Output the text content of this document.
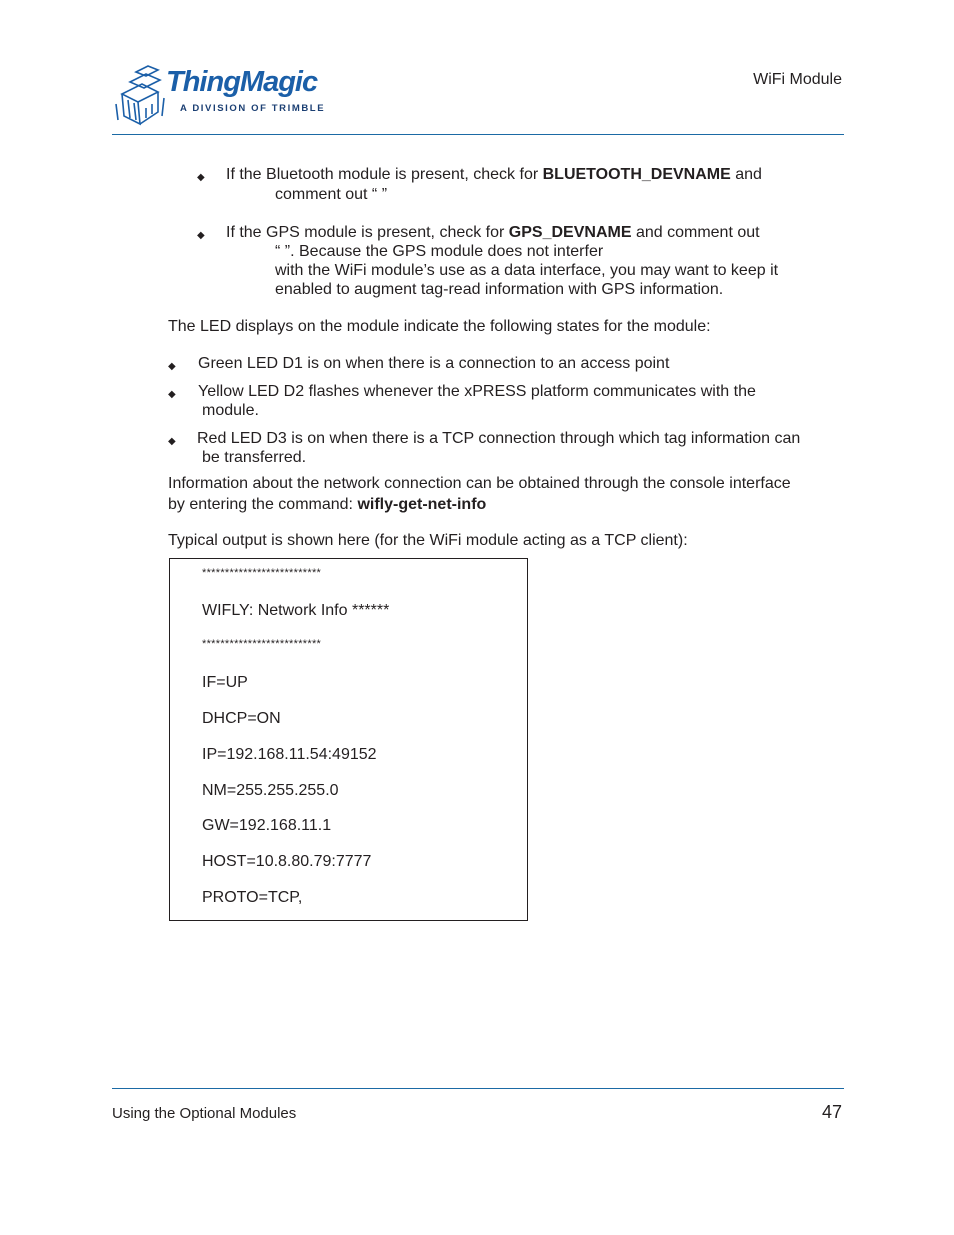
ThingMagic
A DIVISION OF TRIMBLE
WiFi Module
◆ If the Bluetooth module is present, check for BLUETOOTH_DEVNAME and
comment out “ ”
◆ If the GPS module is present, check for GPS_DEVNAME and comment out
“ ”. Because the GPS module does not interfer
with the WiFi module’s use as a data interface, you may want to keep it
enabled to augment tag-read information with GPS information.
The LED displays on the module indicate the following states for the module:
◆ Green LED D1 is on when there is a connection to an access point
◆ Yellow LED D2 flashes whenever the xPRESS platform communicates with the
module.
◆ Red LED D3 is on when there is a TCP connection through which tag information can
be transferred.
Information about the network connection can be obtained through the console interface
by entering the command: wifly-get-net-info
Typical output is shown here (for the WiFi module acting as a TCP client):
**************************
WIFLY: Network Info ******
**************************
IF=UP
DHCP=ON
IP=192.168.11.54:49152
NM=255.255.255.0
GW=192.168.11.1
HOST=10.8.80.79:7777
PROTO=TCP,
Using the Optional Modules	47
